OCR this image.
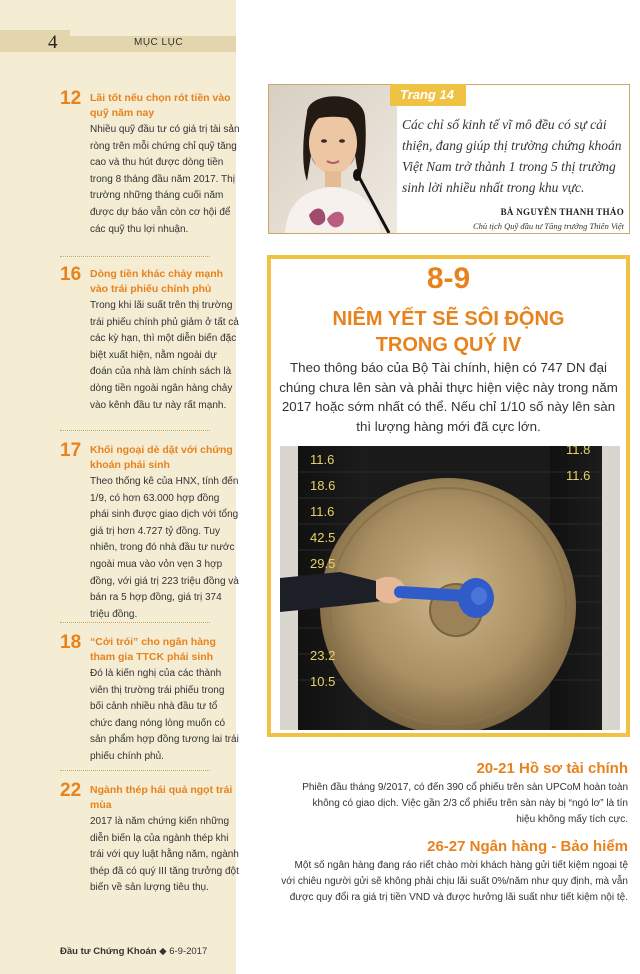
4	MỤC LỤC
12 Lãi tốt nếu chọn rót tiền vào quỹ năm nay
Nhiều quỹ đầu tư có giá trị tài sản ròng trên mỗi chứng chỉ quỹ tăng cao và thu hút được dòng tiền trong 8 tháng đầu năm 2017. Thị trường những tháng cuối năm được dự báo vẫn còn cơ hội để các quỹ thu lợi nhuận.
16 Dòng tiền khác chảy mạnh vào trái phiếu chính phủ
Trong khi lãi suất trên thị trường trái phiếu chính phủ giảm ở tất cả các kỳ hạn, thì một diễn biến đặc biệt xuất hiện, nằm ngoài dự đoán của nhà làm chính sách là dòng tiền ngoài ngân hàng chảy vào kênh đầu tư này rất mạnh.
17 Khối ngoại dè dặt với chứng khoán phái sinh
Theo thống kê của HNX, tính đến 1/9, có hơn 63.000 hợp đồng phái sinh được giao dịch với tổng giá trị hơn 4.727 tỷ đồng. Tuy nhiên, trong đó nhà đầu tư nước ngoài mua vào vỏn vẹn 3 hợp đồng, với giá trị 223 triệu đồng và bán ra 5 hợp đồng, giá trị 374 triệu đồng.
18 “Cởi trói” cho ngân hàng tham gia TTCK phái sinh
Đó là kiến nghị của các thành viên thị trường trái phiếu trong bối cảnh nhiều nhà đầu tư tổ chức đang nóng lòng muốn có sản phẩm hợp đồng tương lai trái phiếu chính phủ.
22 Ngành thép hái quả ngọt trái mùa
2017 là năm chứng kiến những diễn biến lạ của ngành thép khi trái với quy luật hằng năm, ngành thép đã có quý III tăng trưởng đột biến về sản lượng tiêu thụ.
Đầu tư Chứng Khoán ◆ 6-9-2017
Trang 14
Các chỉ số kinh tế vĩ mô đều có sự cải thiện, đang giúp thị trường chứng khoán Việt Nam trở thành 1 trong 5 thị trường sinh lời nhiều nhất trong khu vực.
BÀ NGUYỄN THANH THẢO
Chủ tịch Quỹ đầu tư Tăng trưởng Thiên Việt
8-9
NIÊM YẾT SẼ SÔI ĐỘNG
TRONG QUÝ IV
Theo thông báo của Bộ Tài chính, hiện có 747 DN đại chúng chưa lên sàn và phải thực hiện việc này trong năm 2017 hoặc sớm nhất có thể. Nếu chỉ 1/10 số này lên sàn thì lượng hàng mới đã cực lớn.
11.6
18.6
11.6
42.5
29.5
23.2
10.5
11.8
11.6
20-21 Hồ sơ tài chính
Phiên đầu tháng 9/2017, có đến 390 cổ phiếu trên sàn UPCoM hoàn toàn
không có giao dịch. Việc gần 2/3 cổ phiếu trên sàn này bị “ngó lơ” là tín
hiệu không mấy tích cực.
26-27 Ngân hàng - Bảo hiểm
Một số ngân hàng đang ráo riết chào mời khách hàng gửi tiết kiệm ngoại tệ
với chiêu người gửi sẽ không phải chịu lãi suất 0%/năm như quy định, mà vẫn
được quy đổi ra giá trị tiền VND và được hưởng lãi suất như tiết kiệm nội tệ.
